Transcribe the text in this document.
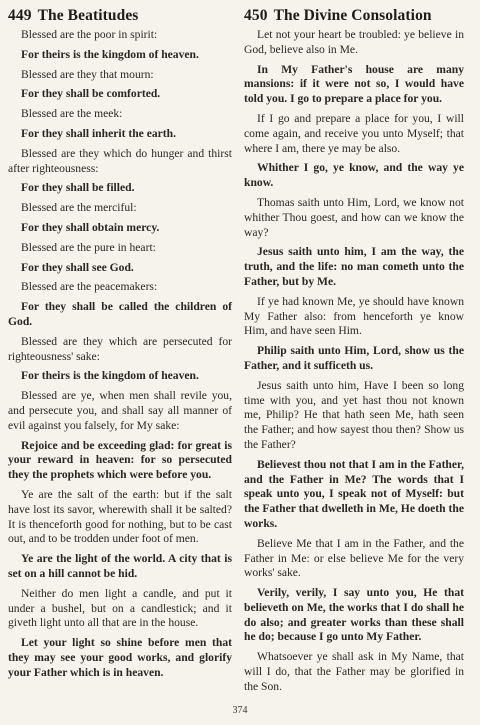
449 The Beatitudes

Blessed are the poor in spirit:

For theirs is the kingdom of heaven.

Blessed are they that mourn:

For they shall be comforted.

Blessed are the meek:

For they shall inherit the earth.

Blessed are they which do hunger and thirst after righteousness:

For they shall be filled.

Blessed are the merciful:

For they shall obtain mercy.

Blessed are the pure in heart:

For they shall see God.

Blessed are the peacemakers:

For they shall be called the children of God.

Blessed are they which are persecuted for righteousness' sake:

For theirs is the kingdom of heaven.

Blessed are ye, when men shall revile you, and persecute you, and shall say all manner of evil against you falsely, for My sake:

Rejoice and be exceeding glad: for great is your reward in heaven: for so persecuted they the prophets which were before you.

Ye are the salt of the earth: but if the salt have lost its savor, wherewith shall it be salted? It is thenceforth good for nothing, but to be cast out, and to be trodden under foot of men.

Ye are the light of the world. A city that is set on a hill cannot be hid.

Neither do men light a candle, and put it under a bushel, but on a candlestick; and it giveth light unto all that are in the house.

Let your light so shine before men that they may see your good works, and glorify your Father which is in heaven.

450 The Divine Consolation

Let not your heart be troubled: ye believe in God, believe also in Me.

In My Father's house are many mansions: if it were not so, I would have told you. I go to prepare a place for you.

If I go and prepare a place for you, I will come again, and receive you unto Myself; that where I am, there ye may be also.

Whither I go, ye know, and the way ye know.

Thomas saith unto Him, Lord, we know not whither Thou goest, and how can we know the way?

Jesus saith unto him, I am the way, the truth, and the life: no man cometh unto the Father, but by Me.

If ye had known Me, ye should have known My Father also: from henceforth ye know Him, and have seen Him.

Philip saith unto Him, Lord, show us the Father, and it sufficeth us.

Jesus saith unto him, Have I been so long time with you, and yet hast thou not known me, Philip? He that hath seen Me, hath seen the Father; and how sayest thou then? Show us the Father?

Believest thou not that I am in the Father, and the Father in Me? The words that I speak unto you, I speak not of Myself: but the Father that dwelleth in Me, He doeth the works.

Believe Me that I am in the Father, and the Father in Me: or else believe Me for the very works' sake.

Verily, verily, I say unto you, He that believeth on Me, the works that I do shall he do also; and greater works than these shall he do; because I go unto My Father.

Whatsoever ye shall ask in My Name, that will I do, that the Father may be glorified in the Son.

374
